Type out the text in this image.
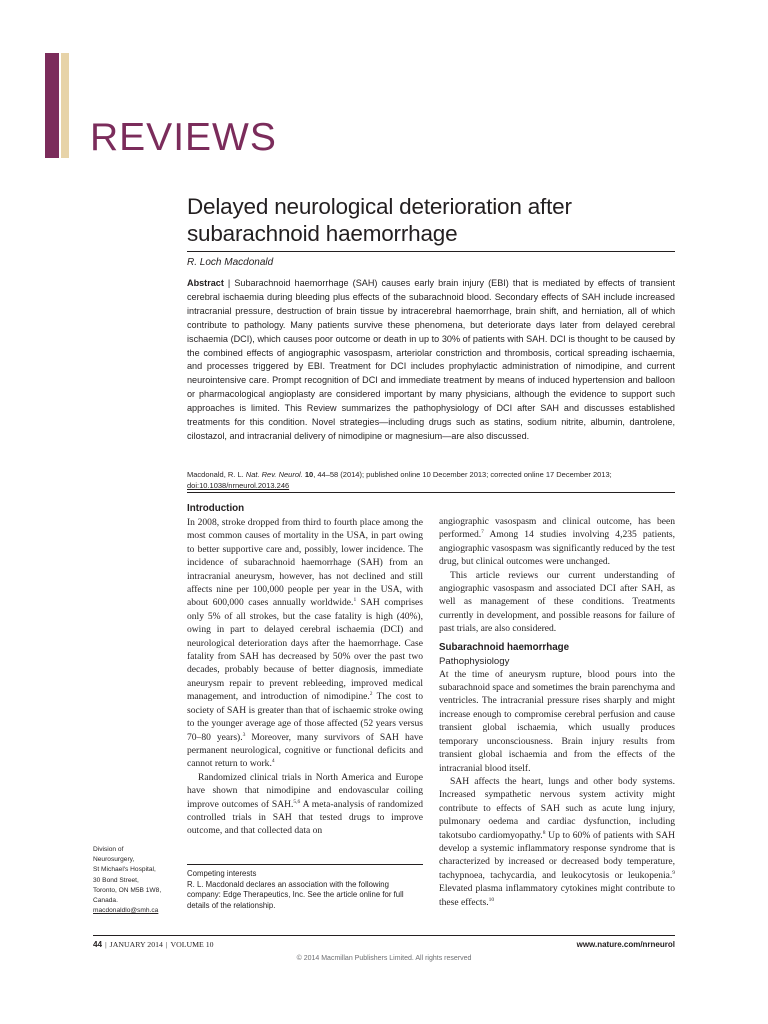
REVIEWS
Delayed neurological deterioration after subarachnoid haemorrhage
R. Loch Macdonald
Abstract | Subarachnoid haemorrhage (SAH) causes early brain injury (EBI) that is mediated by effects of transient cerebral ischaemia during bleeding plus effects of the subarachnoid blood. Secondary effects of SAH include increased intracranial pressure, destruction of brain tissue by intracerebral haemorrhage, brain shift, and herniation, all of which contribute to pathology. Many patients survive these phenomena, but deteriorate days later from delayed cerebral ischaemia (DCI), which causes poor outcome or death in up to 30% of patients with SAH. DCI is thought to be caused by the combined effects of angiographic vasospasm, arteriolar constriction and thrombosis, cortical spreading ischaemia, and processes triggered by EBI. Treatment for DCI includes prophylactic administration of nimodipine, and current neurointensive care. Prompt recognition of DCI and immediate treatment by means of induced hypertension and balloon or pharmacological angioplasty are considered important by many physicians, although the evidence to support such approaches is limited. This Review summarizes the pathophysiology of DCI after SAH and discusses established treatments for this condition. Novel strategies—including drugs such as statins, sodium nitrite, albumin, dantrolene, cilostazol, and intracranial delivery of nimodipine or magnesium—are also discussed.
Macdonald, R. L. Nat. Rev. Neurol. 10, 44–58 (2014); published online 10 December 2013; corrected online 17 December 2013;
doi:10.1038/nrneurol.2013.246

Introduction

In 2008, stroke dropped from third to fourth place among the most common causes of mortality in the USA, in part owing to better supportive care and, possibly, lower incidence. The incidence of subarachnoid haemorrhage (SAH) from an intracranial aneurysm, however, has not declined and still affects nine per 100,000 people per year in the USA, with about 600,000 cases annually worldwide.$^1$ SAH comprises only 5% of all strokes, but the case fatality is high (40%), owing in part to delayed cerebral ischaemia (DCI) and neurological deterioration days after the haemorrhage. Case fatality from SAH has decreased by 50% over the past two decades, probably because of better diagnosis, immediate aneurysm repair to prevent rebleeding, improved medical management, and introduction of nimodipine.$^2$ The cost to society of SAH is greater than that of ischaemic stroke owing to the younger average age of those affected (52 years versus 70–80 years).$^3$ Moreover, many survivors of SAH have permanent neurological, cognitive or functional deficits and cannot return to work.$^4$

Randomized clinical trials in North America and Europe have shown that nimodipine and endovascular coiling improve outcomes of SAH.$^{5,6}$ A meta-analysis of randomized controlled trials in SAH that tested drugs to improve outcome, and that collected data on

angiographic vasospasm and clinical outcome, has been performed.$^7$ Among 14 studies involving 4,235 patients, angiographic vasospasm was significantly reduced by the test drug, but clinical outcomes were unchanged.

This article reviews our current understanding of angiographic vasospasm and associated DCI after SAH, as well as management of these conditions. Treatments currently in development, and possible reasons for failure of past trials, are also considered.

Subarachnoid haemorrhage

Pathophysiology

At the time of aneurysm rupture, blood pours into the subarachnoid space and sometimes the brain parenchyma and ventricles. The intracranial pressure rises sharply and might increase enough to compromise cerebral perfusion and cause transient global ischaemia, which usually produces temporary unconsciousness. Brain injury results from transient global ischaemia and from the effects of the intracranial blood itself.

SAH affects the heart, lungs and other body systems. Increased sympathetic nervous system activity might contribute to effects of SAH such as acute lung injury, pulmonary oedema and cardiac dysfunction, including takotsubo cardiomyopathy.$^8$ Up to 60% of patients with SAH develop a systemic inflammatory response syndrome that is characterized by increased or decreased body temperature, tachypnoea, tachycardia, and leukocytosis or leukopenia.$^9$ Elevated plasma inflammatory cytokines might contribute to these effects.$^{10}$

Division of
Neurosurgery,
St Michael's Hospital,
30 Bond Street,
Toronto, ON M5B 1W8,
Canada.
macdonaldlo@smh.ca
Competing interests
R. L. Macdonald declares an association with the following company: Edge Therapeutics, Inc. See the article online for full details of the relationship.
44 | JANUARY 2014 | VOLUME 10	www.nature.com/nrneurol
© 2014 Macmillan Publishers Limited. All rights reserved
